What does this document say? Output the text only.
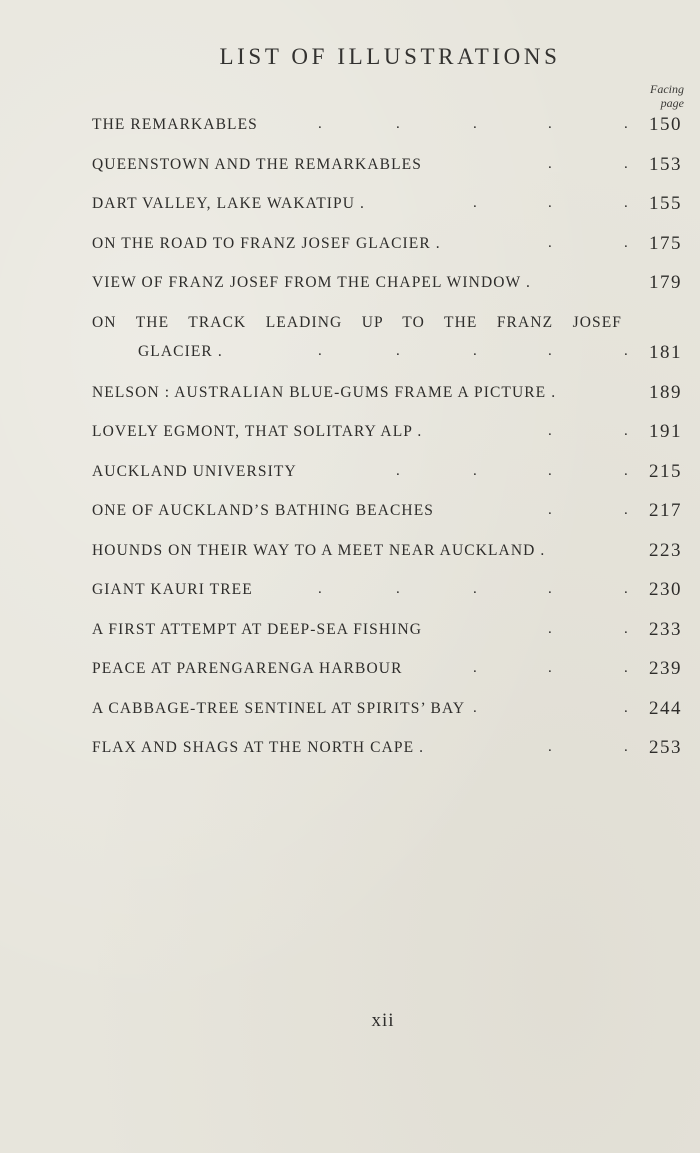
LIST OF ILLUSTRATIONS
Facing
page
THE REMARKABLES	.	.	.	.	. 150
QUEENSTOWN AND THE REMARKABLES	.	. 153
DART VALLEY, LAKE WAKATIPU .	.	.	. 155
ON THE ROAD TO FRANZ JOSEF GLACIER .	.	. 175
VIEW OF FRANZ JOSEF FROM THE CHAPEL WINDOW .	179
ON THE TRACK LEADING UP TO THE FRANZ JOSEF
GLACIER .	.	.	.	.	. 181
NELSON : AUSTRALIAN BLUE-GUMS FRAME A PICTURE .	189
LOVELY EGMONT, THAT SOLITARY ALP .	.	. 191
AUCKLAND UNIVERSITY	.	.	.	. 215
ONE OF AUCKLAND’S BATHING BEACHES	.	. 217
HOUNDS ON THEIR WAY TO A MEET NEAR AUCKLAND .	223
GIANT KAURI TREE	.	.	.	.	. 230
A FIRST ATTEMPT AT DEEP-SEA FISHING	.	. 233
PEACE AT PARENGARENGA HARBOUR	.	.	. 239
A CABBAGE-TREE SENTINEL AT SPIRITS’ BAY .	. 244
FLAX AND SHAGS AT THE NORTH CAPE .	.	. 253
xii
